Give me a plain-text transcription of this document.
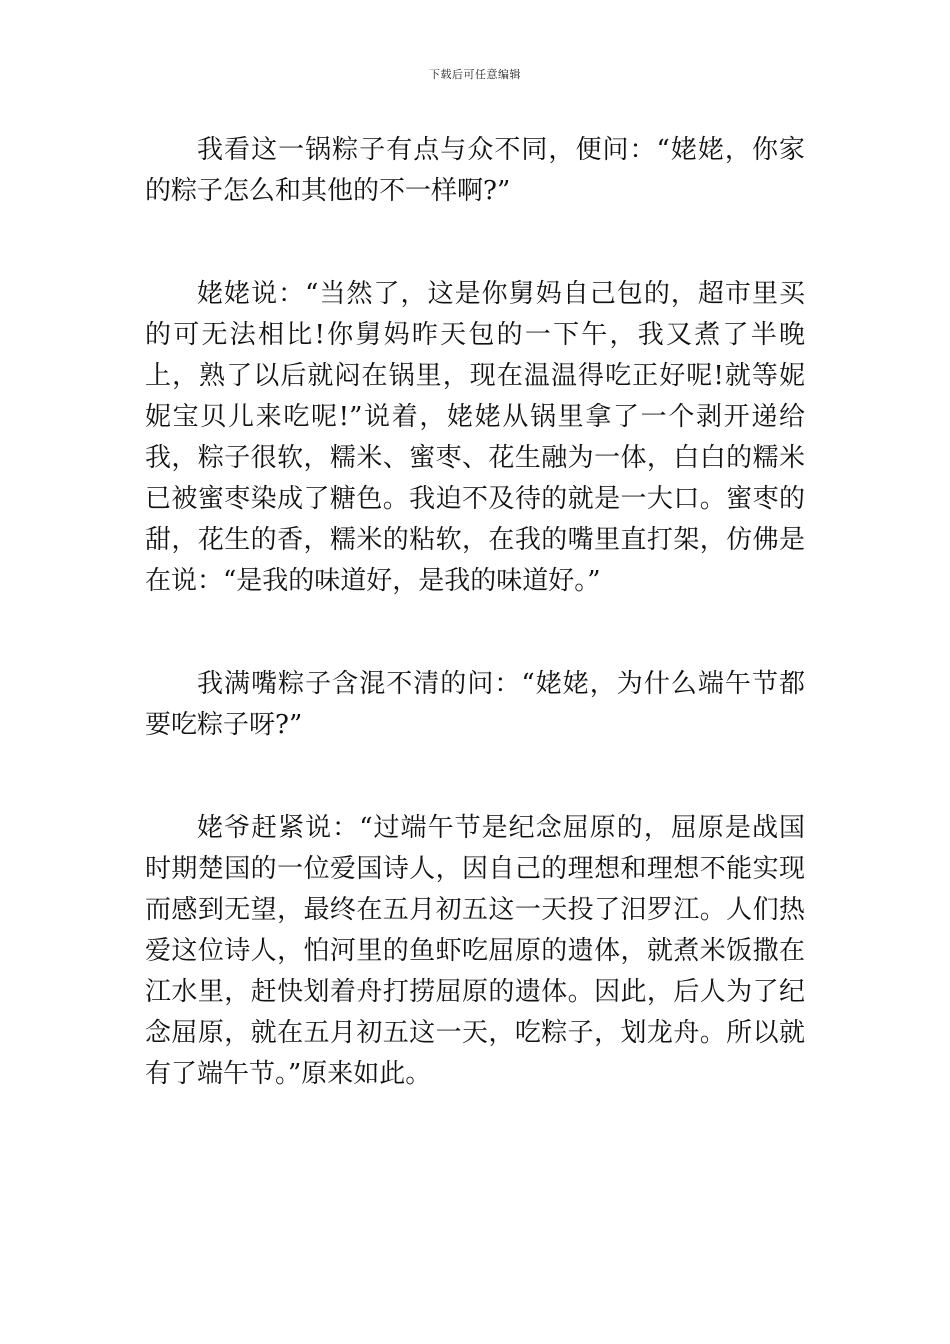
下载后可任意编辑

我看这一锅粽子有点与众不同，便问：“姥姥，你家的粽子怎么和其他的不一样啊?”

姥姥说：“当然了，这是你舅妈自己包的，超市里买的可无法相比!你舅妈昨天包的一下午，我又煮了半晚上，熟了以后就闷在锅里，现在温温得吃正好呢!就等妮妮宝贝儿来吃呢!”说着，姥姥从锅里拿了一个剥开递给我，粽子很软，糯米、蜜枣、花生融为一体，白白的糯米已被蜜枣染成了糖色。我迫不及待的就是一大口。蜜枣的甜，花生的香，糯米的粘软，在我的嘴里直打架，仿佛是在说：“是我的味道好，是我的味道好。”

我满嘴粽子含混不清的问：“姥姥，为什么端午节都要吃粽子呀?”

姥爷赶紧说：“过端午节是纪念屈原的，屈原是战国时期楚国的一位爱国诗人，因自己的理想和理想不能实现而感到无望，最终在五月初五这一天投了汨罗江。人们热爱这位诗人，怕河里的鱼虾吃屈原的遗体，就煮米饭撒在江水里，赶快划着舟打捞屈原的遗体。因此，后人为了纪念屈原，就在五月初五这一天，吃粽子，划龙舟。所以就有了端午节。”原来如此。
